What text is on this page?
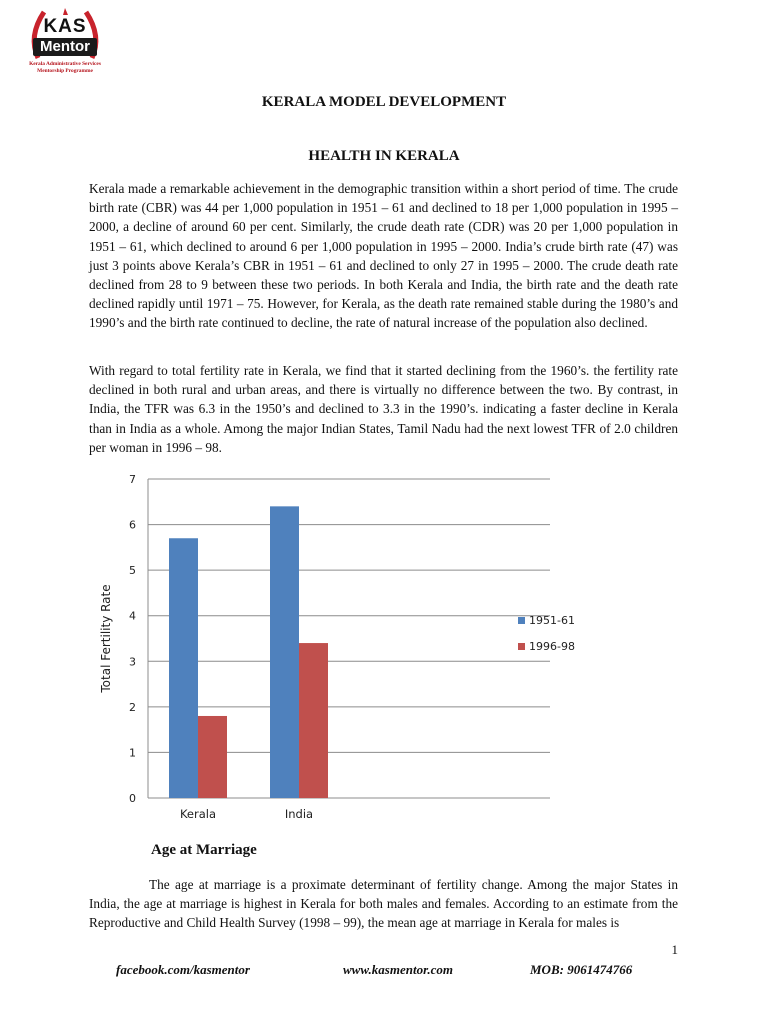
KAS
Mentor
Kerala Administrative Services
Mentorship Programme
KERALA MODEL DEVELOPMENT
HEALTH IN KERALA

Kerala made a remarkable achievement in the demographic transition within a short period of time. The crude birth rate (CBR) was 44 per 1,000 population in 1951 – 61 and declined to 18 per 1,000 population in 1995 – 2000, a decline of around 60 per cent. Similarly, the crude death rate (CDR) was 20 per 1,000 population in 1951 – 61, which declined to around 6 per 1,000 population in 1995 – 2000. India’s crude birth rate (47) was just 3 points above Kerala’s CBR in 1951 – 61 and declined to only 27 in 1995 – 2000. The crude death rate declined from 28 to 9 between these two periods. In both Kerala and India, the birth rate and the death rate declined rapidly until 1971 – 75. However, for Kerala, as the death rate remained stable during the 1980’s and 1990’s and the birth rate continued to decline, the rate of natural increase of the population also declined.

With regard to total fertility rate in Kerala, we find that it started declining from the 1960’s. the fertility rate declined in both rural and urban areas, and there is virtually no difference between the two. By contrast, in India, the TFR was 6.3 in the 1950’s and declined to 3.3 in the 1990’s. indicating a faster decline in Kerala than in India as a whole. Among the major Indian States, Tamil Nadu had the next lowest TFR of 2.0 children per woman in 1996 – 98.

0
1
2
3
4
5
6
7
Total Fertility Rate
Kerala	India
1951-61
1996-98
Age at Marriage

The age at marriage is a proximate determinant of fertility change. Among the major States in India, the age at marriage is highest in Kerala for both males and females. According to an estimate from the Reproductive and Child Health Survey (1998 – 99), the mean age at marriage in Kerala for males is

1
facebook.com/kasmentor	www.kasmentor.com	MOB: 9061474766
